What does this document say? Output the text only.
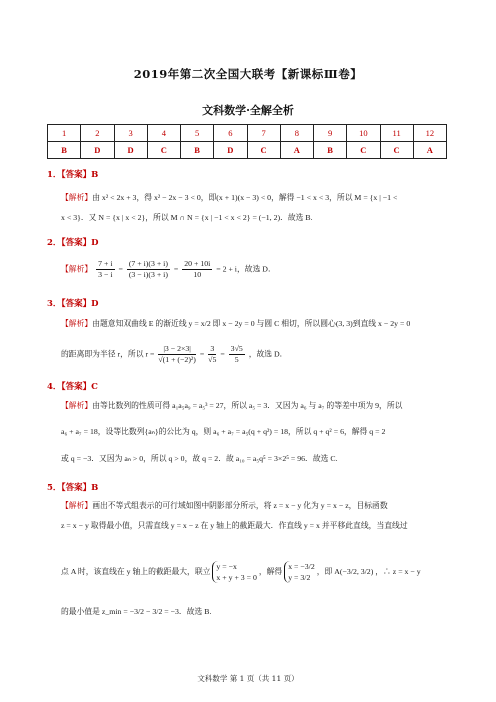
2019年第二次全国大联考【新课标Ⅲ卷】
文科数学·全解全析
1	2	3	4	5	6	7	8	9	10	11	12
B	D	D	C	B	D	C	A	B	C	C	A
1．【答案】B
【解析】由 x² < 2x + 3，得 x² − 2x − 3 < 0，即(x + 1)(x − 3) < 0，解得 −1 < x < 3，所以 M = {x | −1 <
x < 3}．又 N = {x | x < 2}，所以 M ∩ N = {x | −1 < x < 2} = (−1, 2)．故选 B.
2．【答案】D
【解析】 $\frac{7 + i}{3 - i} = \frac{(7 + i)(3 + i)}{(3 - i)(3 + i)} = \frac{20 + 10i}{10} = 2 + i$，故选 D．
3．【答案】D
【解析】由题意知双曲线 E 的渐近线 y = x/2 即 x − 2y = 0 与圆 C 相切，所以圆心(3, 3)到直线 x − 2y = 0
的距离即为半径 r，所以 $r = \frac{|3 - 2\times 3|}{\text{√(1 + (−2)²)}} = \frac{3}{√5} = \frac{3√5}{5}$ ，故选 D．
4．【答案】C
【解析】由等比数列的性质可得 a₁a₅a₉ = a₅³ = 27，所以 a₅ = 3．又因为 a₆ 与 a₇ 的等差中项为 9，所以
a₆ + a₇ = 18，设等比数列{aₙ}的公比为 q，则 a₆ + a₇ = a₅(q + q²) = 18，所以 q + q² = 6，解得 q = 2
或 q = −3．又因为 aₙ > 0，所以 q > 0，故 q = 2．故 a₁₀ = a₅q⁵ = 3×2⁵ = 96．故选 C.
5．【答案】B
【解析】画出不等式组表示的可行域如图中阴影部分所示，将 z = x − y 化为 y = x − z，目标函数
z = x − y 取得最小值，只需直线 y = x − z 在 y 轴上的截距最大．作直线 y = x 并平移此直线，当直线过
点 A 时，该直线在 y 轴上的截距最大，联立
y = −x
x + y + 3 = 0
，解得
x = −3/2
y = 3/2
，即 A(−3/2, 3/2) ，∴ z = x − y
的最小值是 z_min = −3/2 − 3/2 = −3．故选 B.
文科数学 第 1 页（共 11 页）
